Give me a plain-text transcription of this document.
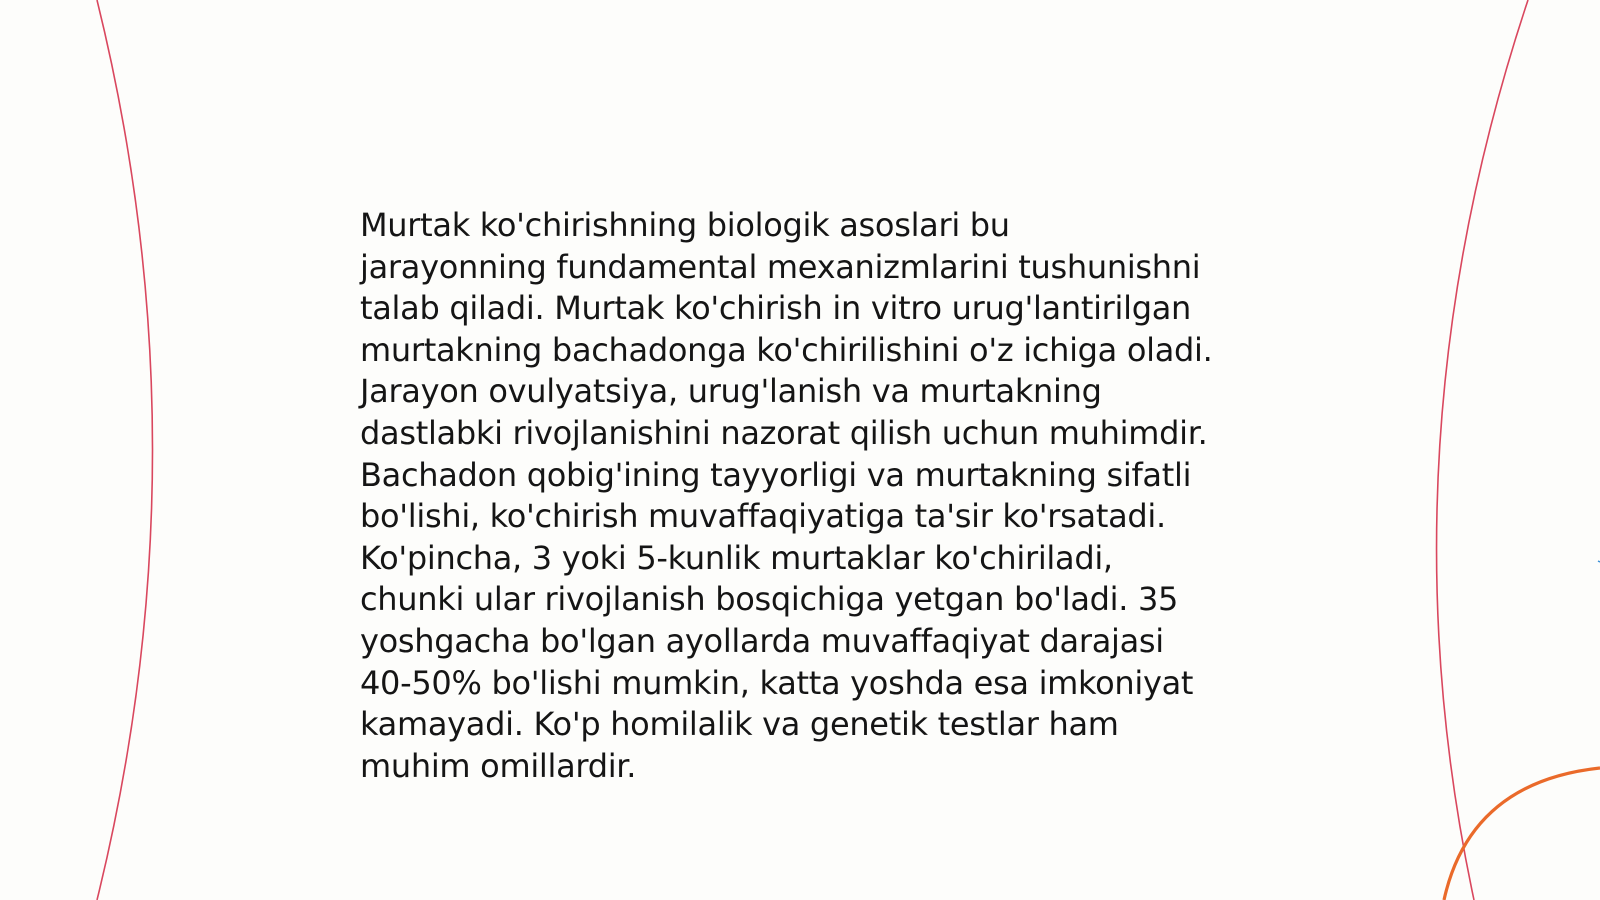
Murtak ko'chirishning biologik asoslari bu
jarayonning fundamental mexanizmlarini tushunishni
talab qiladi. Murtak ko'chirish in vitro urug'lantirilgan
murtakning bachadonga ko'chirilishini o'z ichiga oladi.
Jarayon ovulyatsiya, urug'lanish va murtakning
dastlabki rivojlanishini nazorat qilish uchun muhimdir.
Bachadon qobig'ining tayyorligi va murtakning sifatli
bo'lishi, ko'chirish muvaffaqiyatiga ta'sir ko'rsatadi.
Ko'pincha, 3 yoki 5-kunlik murtaklar ko'chiriladi,
chunki ular rivojlanish bosqichiga yetgan bo'ladi. 35
yoshgacha bo'lgan ayollarda muvaffaqiyat darajasi
40-50% bo'lishi mumkin, katta yoshda esa imkoniyat
kamayadi. Ko'p homilalik va genetik testlar ham
muhim omillardir.
